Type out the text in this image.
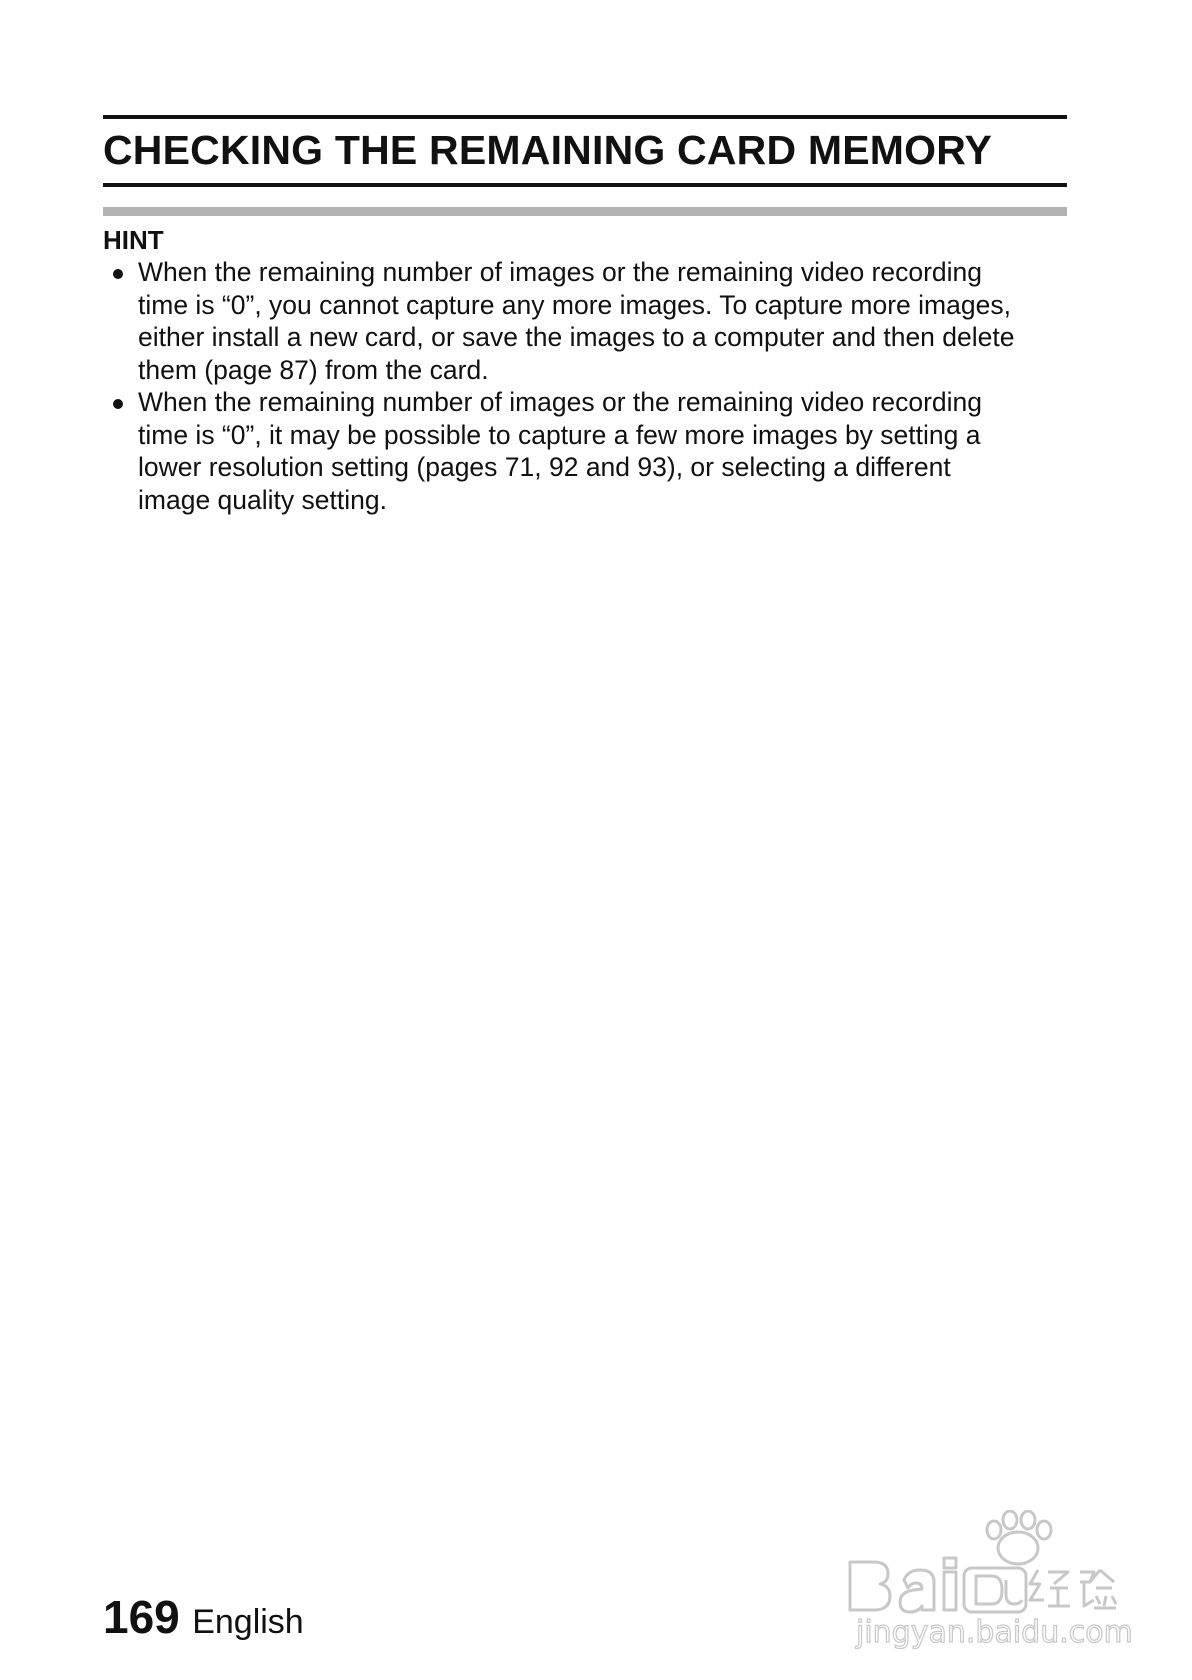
CHECKING THE REMAINING CARD MEMORY
HINT
When the remaining number of images or the remaining video recording
time is “0”, you cannot capture any more images. To capture more images,
either install a new card, or save the images to a computer and then delete
them (page 87) from the card.
When the remaining number of images or the remaining video recording
time is “0”, it may be possible to capture a few more images by setting a
lower resolution setting (pages 71, 92 and 93), or selecting a different
image quality setting.
169 English	jingyan.baidu.com
